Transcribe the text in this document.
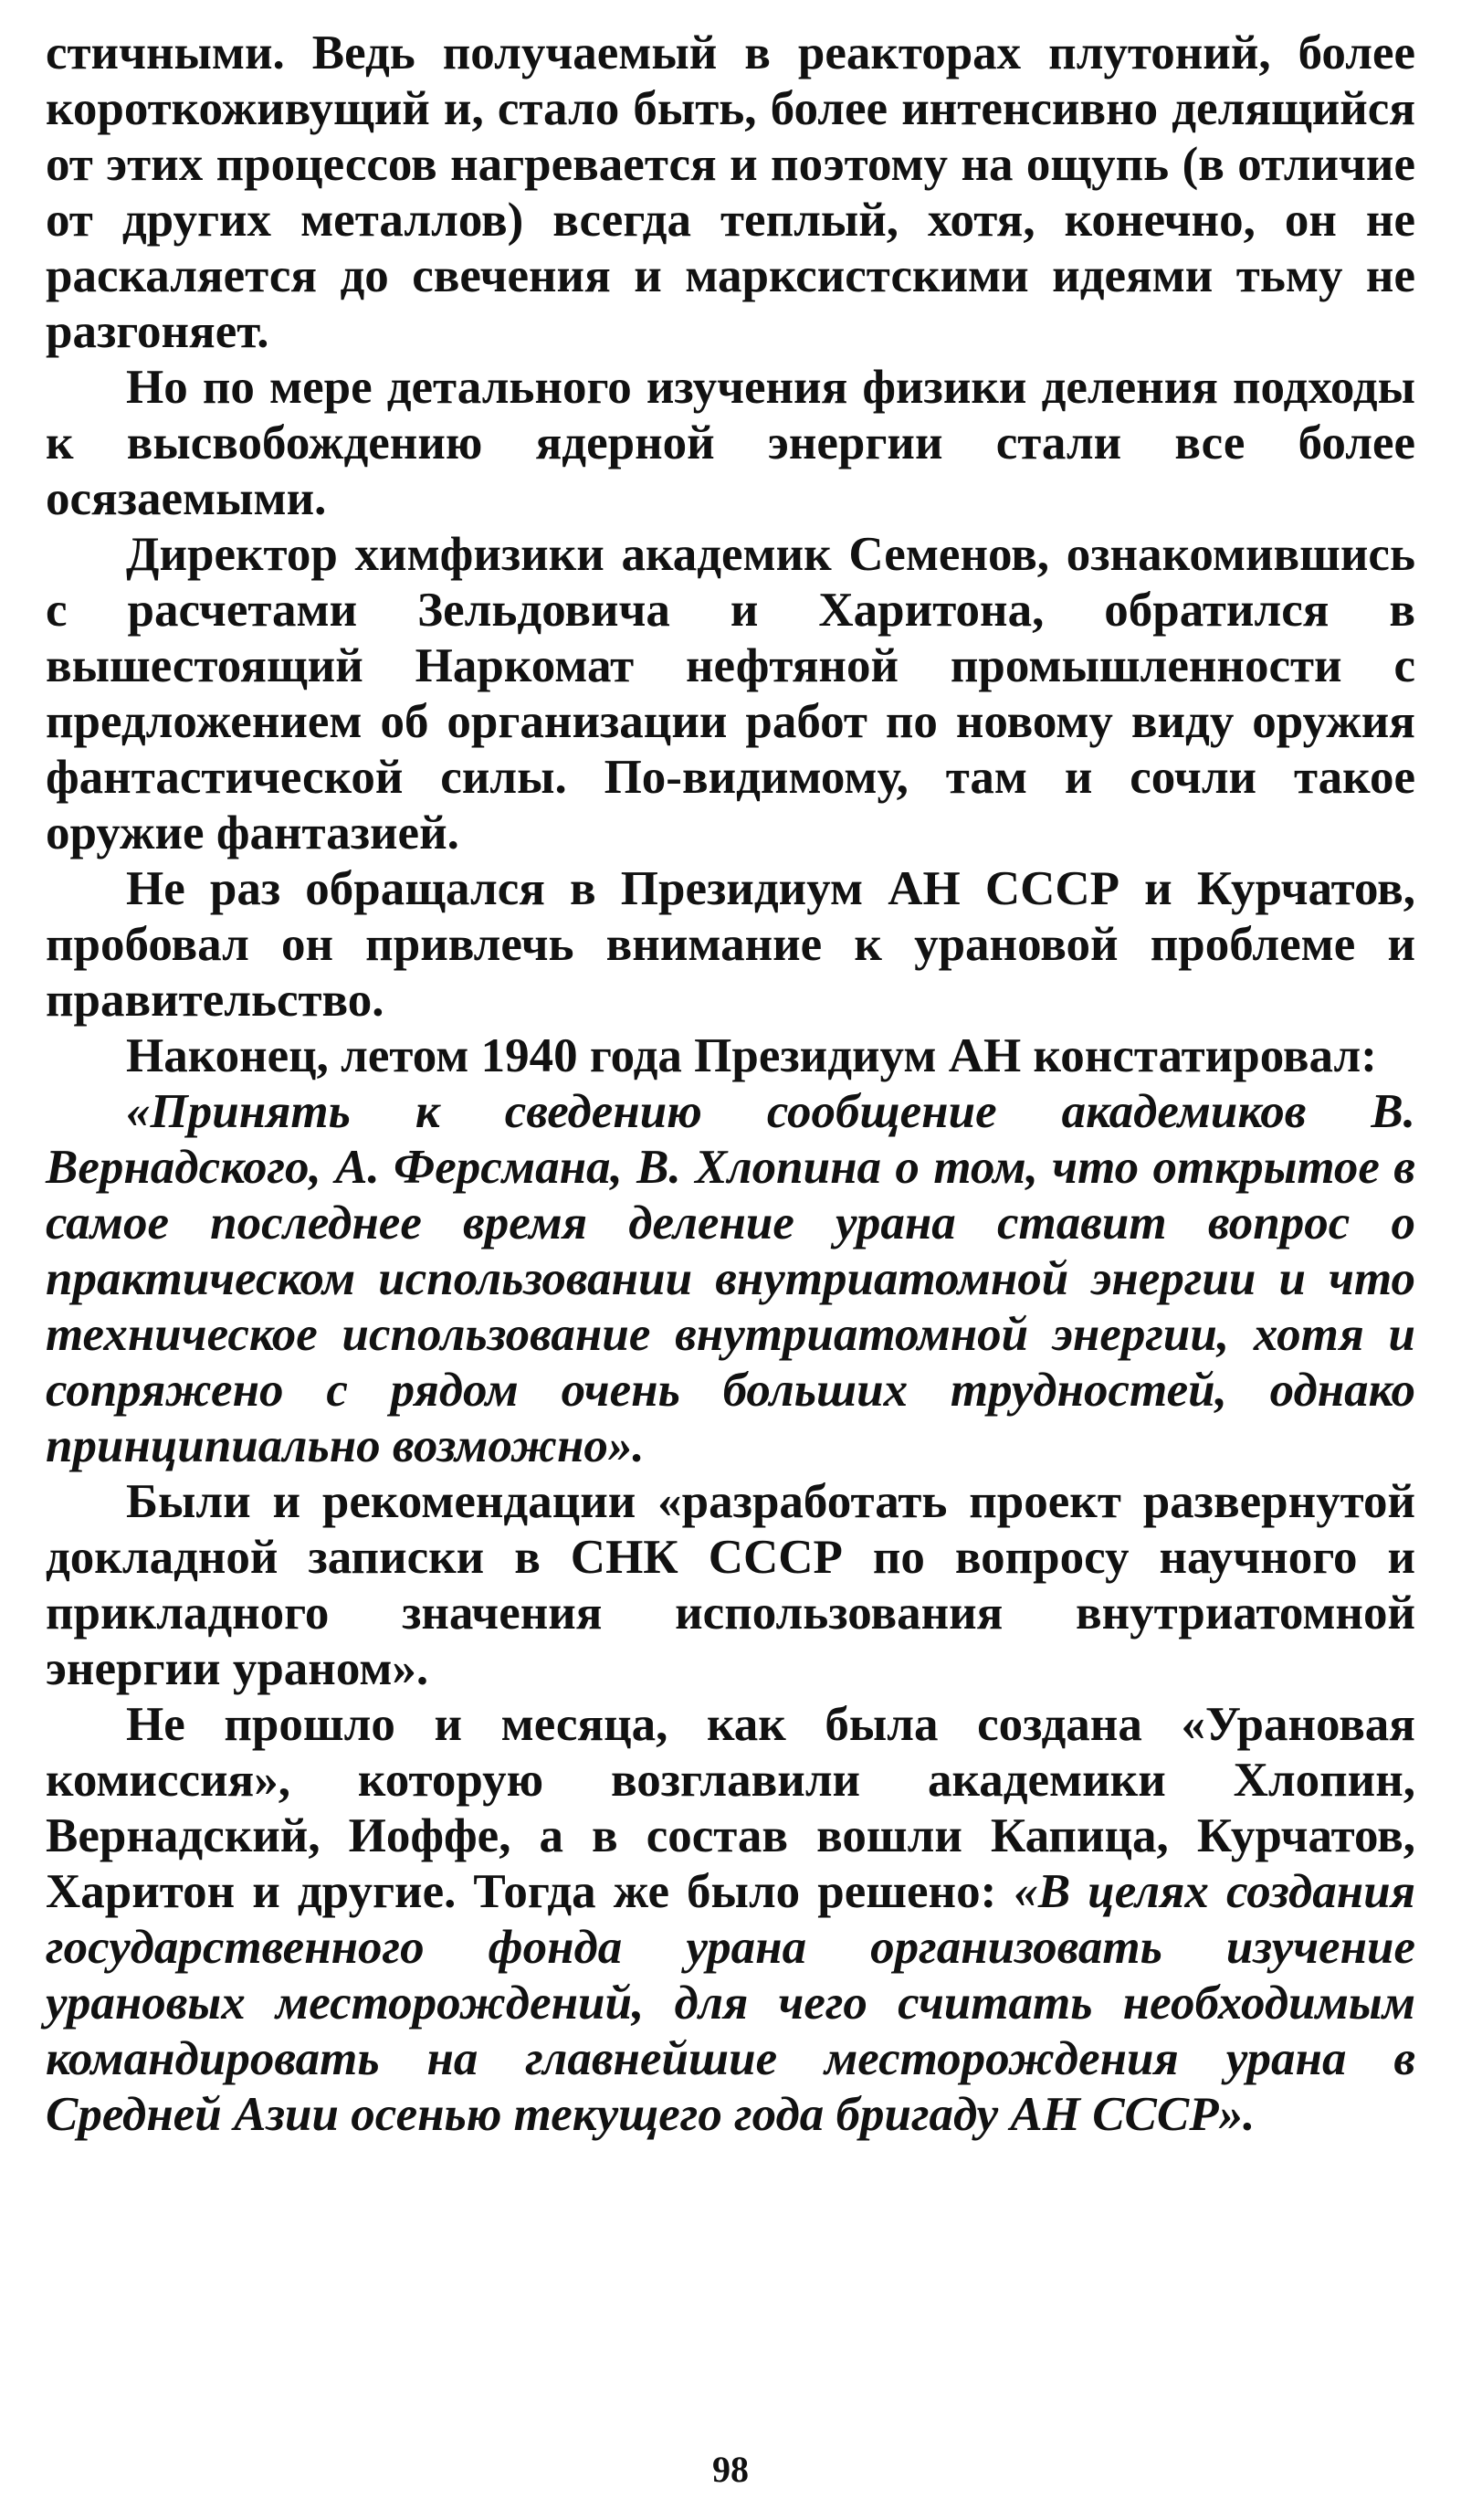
стичными. Ведь получаемый в реакторах плутоний, более короткоживущий и, стало быть, более интенсивно делящийся от этих процессов нагревается и поэтому на ощупь (в отличие от других металлов) всегда теплый, хотя, конечно, он не раскаляется до свечения и марксистскими идеями тьму не разгоняет.

Но по мере детального изучения физики деления подходы к высвобождению ядерной энергии стали все более осязаемыми.

Директор химфизики академик Семенов, ознакомившись с расчетами Зельдовича и Харитона, обратился в вышестоящий Наркомат нефтяной промышленности с предложением об организации работ по новому виду оружия фантастической силы. По-видимому, там и сочли такое оружие фантазией.

Не раз обращался в Президиум АН СССР и Курчатов, пробовал он привлечь внимание к урановой проблеме и правительство.

Наконец, летом 1940 года Президиум АН констатировал:

«Принять к сведению сообщение академиков В. Вернадского, А. Ферсмана, В. Хлопина о том, что открытое в самое последнее время деление урана ставит вопрос о практическом использовании внутриатомной энергии и что техническое использование внутриатомной энергии, хотя и сопряжено с рядом очень больших трудностей, однако принципиально возможно».

Были и рекомендации «разработать проект развернутой докладной записки в СНК СССР по вопросу научного и прикладного значения использования внутриатомной энергии ураном».

Не прошло и месяца, как была создана «Урановая комиссия», которую возглавили академики Хлопин, Вернадский, Иоффе, а в состав вошли Капица, Курчатов, Харитон и другие. Тогда же было решено: «В целях создания государственного фонда урана организовать изучение урановых месторождений, для чего считать необходимым командировать на главнейшие месторождения урана в Средней Азии осенью текущего года бригаду АН СССР».

98
